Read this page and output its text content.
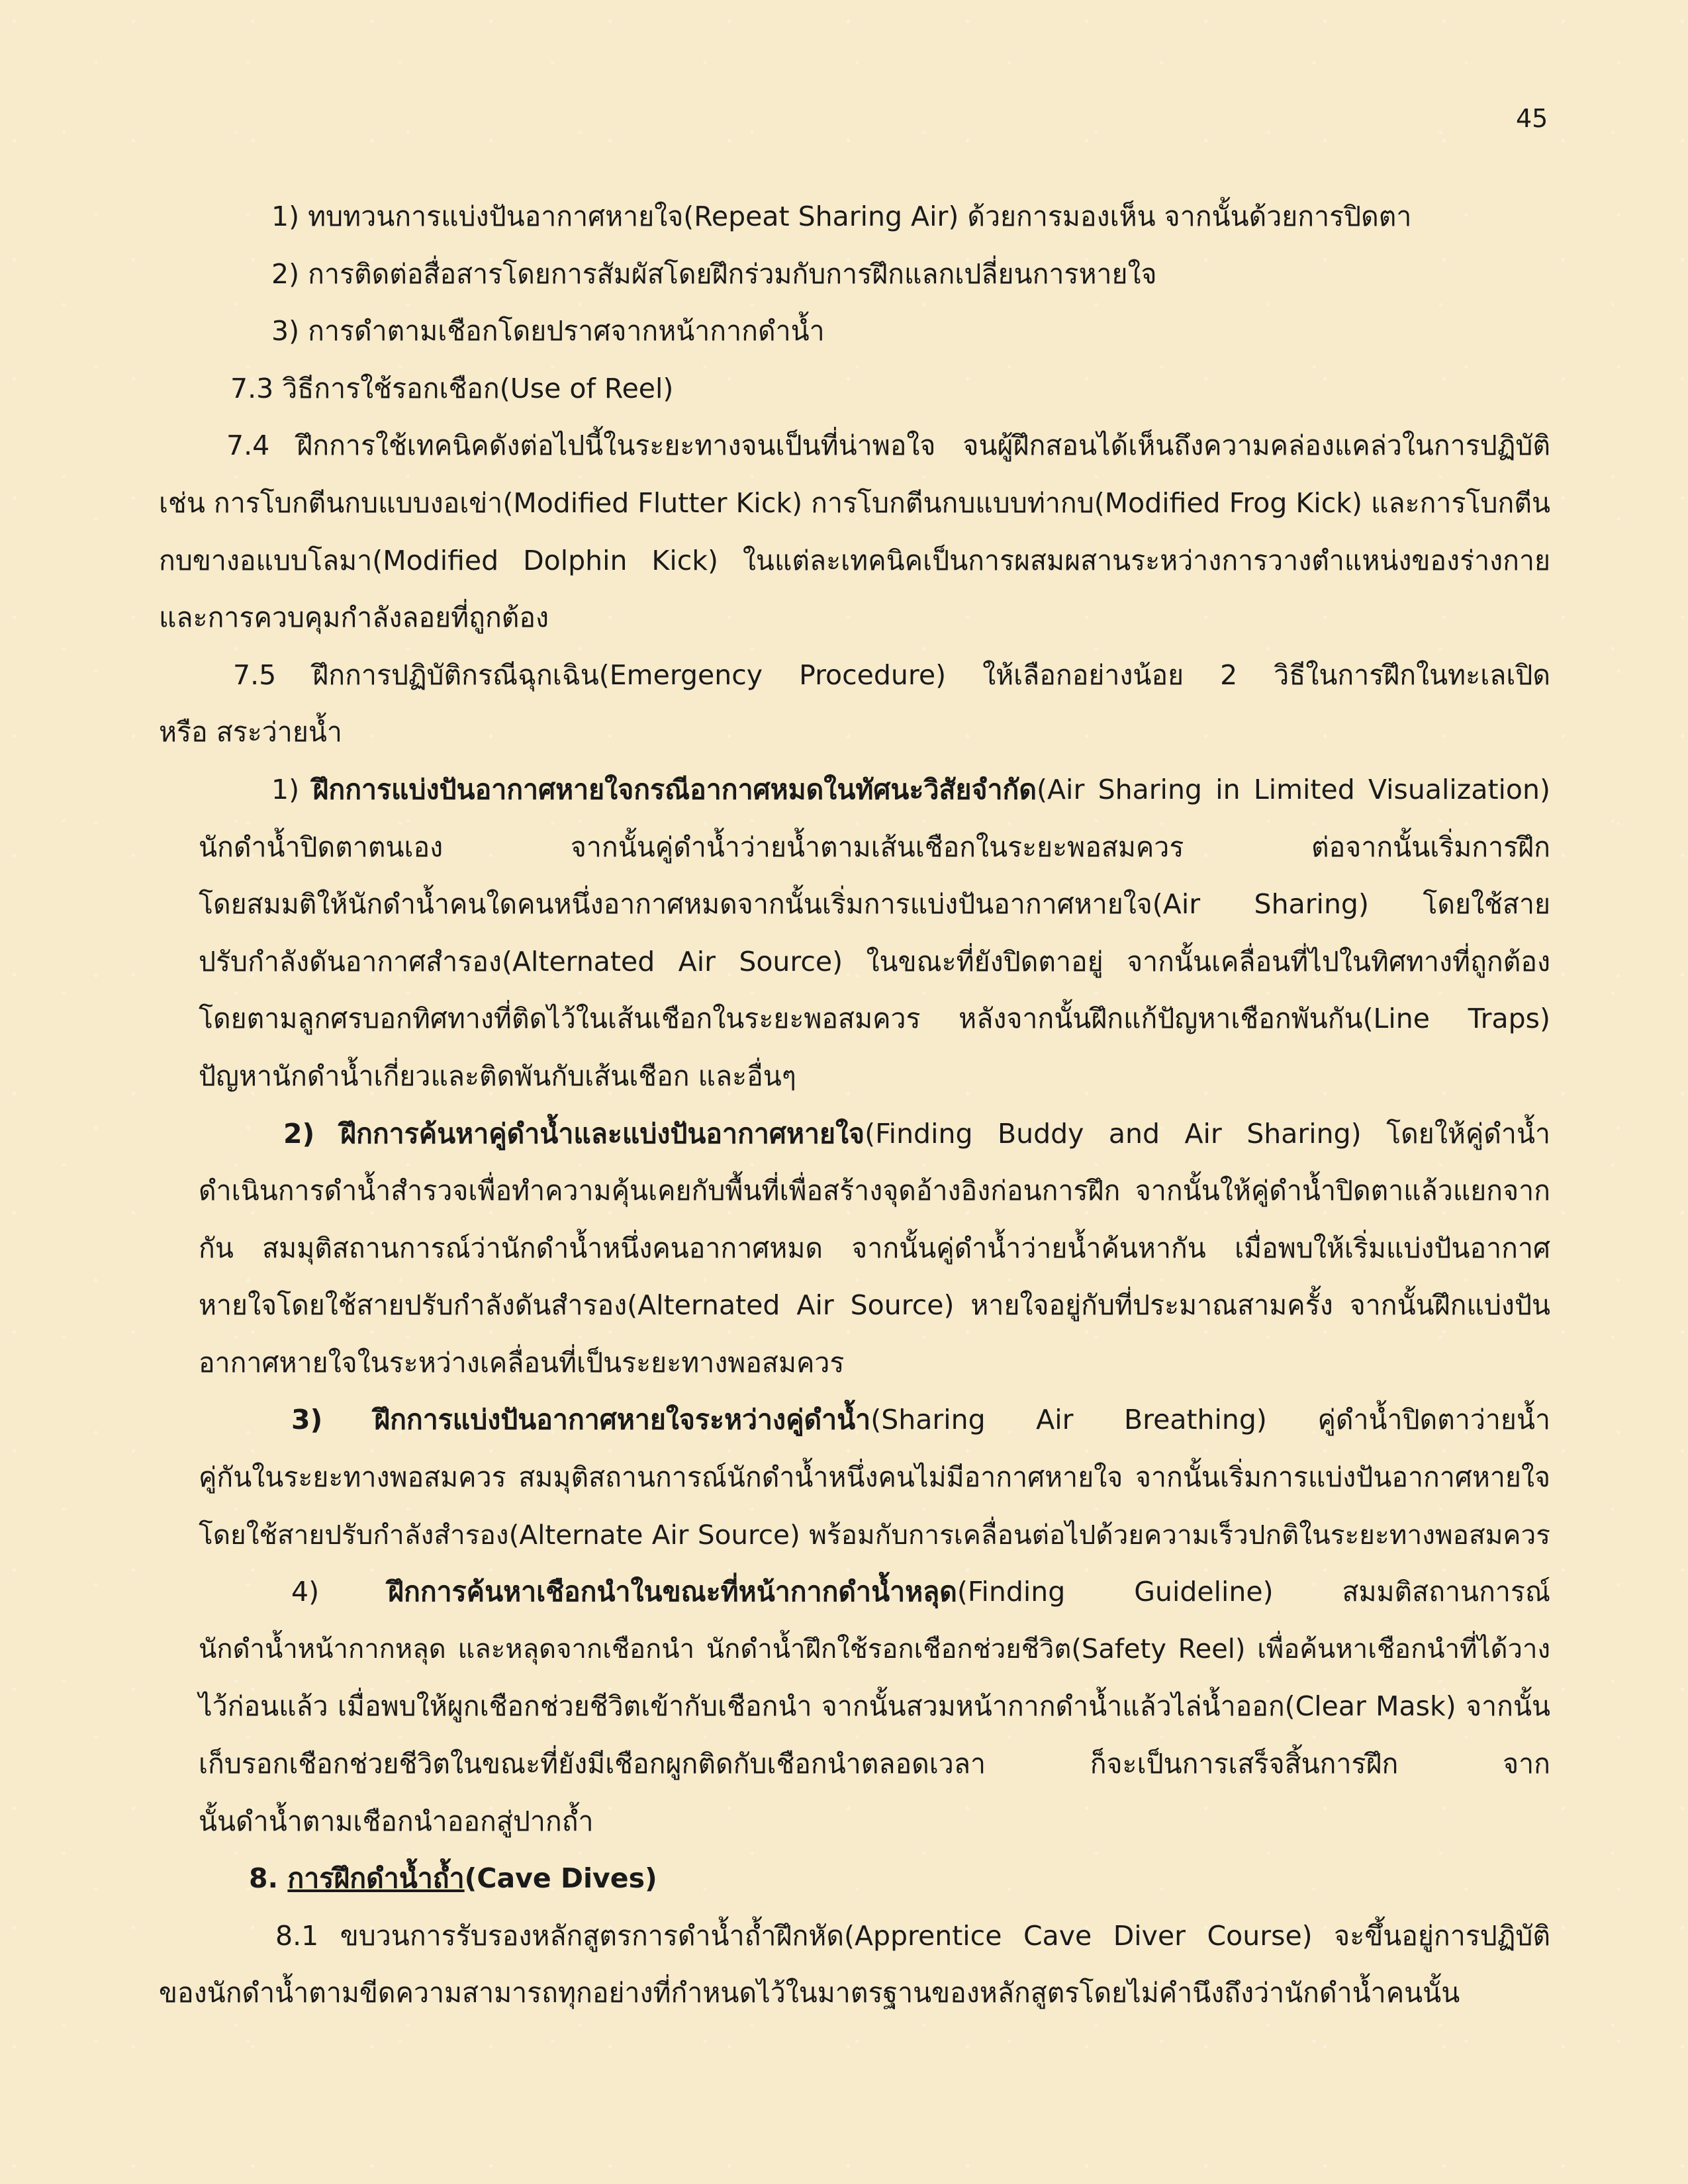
45
1) ทบทวนการแบ่งปันอากาศหายใจ(Repeat Sharing Air) ด้วยการมองเห็น จากนั้นด้วยการปิดตา
2) การติดต่อสื่อสารโดยการสัมผัสโดยฝึกร่วมกับการฝึกแลกเปลี่ยนการหายใจ
3) การดำตามเชือกโดยปราศจากหน้ากากดำน้ำ
7.3 วิธีการใช้รอกเชือก(Use of Reel)
7.4 ฝึกการใช้เทคนิคดังต่อไปนี้ในระยะทางจนเป็นที่น่าพอใจ จนผู้ฝึกสอนได้เห็นถึงความคล่องแคล่วในการปฏิบัติ
เช่น การโบกตีนกบแบบงอเข่า(Modified Flutter Kick) การโบกตีนกบแบบท่ากบ(Modified Frog Kick) และการโบกตีน
กบขางอแบบโลมา(Modified Dolphin Kick) ในแต่ละเทคนิคเป็นการผสมผสานระหว่างการวางตำแหน่งของร่างกาย
และการควบคุมกำลังลอยที่ถูกต้อง
7.5 ฝึกการปฏิบัติกรณีฉุกเฉิน(Emergency Procedure) ให้เลือกอย่างน้อย 2 วิธีในการฝึกในทะเลเปิด
หรือ สระว่ายน้ำ
1) ฝึกการแบ่งปันอากาศหายใจกรณีอากาศหมดในทัศนะวิสัยจำกัด(Air Sharing in Limited Visualization)
นักดำน้ำปิดตาตนเอง จากนั้นคู่ดำน้ำว่ายน้ำตามเส้นเชือกในระยะพอสมควร ต่อจากนั้นเริ่มการฝึก
โดยสมมติให้นักดำน้ำคนใดคนหนึ่งอากาศหมดจากนั้นเริ่มการแบ่งปันอากาศหายใจ(Air Sharing) โดยใช้สาย
ปรับกำลังดันอากาศสำรอง(Alternated Air Source) ในขณะที่ยังปิดตาอยู่ จากนั้นเคลื่อนที่ไปในทิศทางที่ถูกต้อง
โดยตามลูกศรบอกทิศทางที่ติดไว้ในเส้นเชือกในระยะพอสมควร หลังจากนั้นฝึกแก้ปัญหาเชือกพันกัน(Line Traps)
ปัญหานักดำน้ำเกี่ยวและติดพันกับเส้นเชือก และอื่นๆ
2) ฝึกการค้นหาคู่ดำน้ำและแบ่งปันอากาศหายใจ(Finding Buddy and Air Sharing) โดยให้คู่ดำน้ำ
ดำเนินการดำน้ำสำรวจเพื่อทำความคุ้นเคยกับพื้นที่เพื่อสร้างจุดอ้างอิงก่อนการฝึก จากนั้นให้คู่ดำน้ำปิดตาแล้วแยกจาก
กัน สมมุติสถานการณ์ว่านักดำน้ำหนึ่งคนอากาศหมด จากนั้นคู่ดำน้ำว่ายน้ำค้นหากัน เมื่อพบให้เริ่มแบ่งปันอากาศ
หายใจโดยใช้สายปรับกำลังดันสำรอง(Alternated Air Source) หายใจอยู่กับที่ประมาณสามครั้ง จากนั้นฝึกแบ่งปัน
อากาศหายใจในระหว่างเคลื่อนที่เป็นระยะทางพอสมควร
3) ฝึกการแบ่งปันอากาศหายใจระหว่างคู่ดำน้ำ(Sharing Air Breathing) คู่ดำน้ำปิดตาว่ายน้ำ
คู่กันในระยะทางพอสมควร สมมุติสถานการณ์นักดำน้ำหนึ่งคนไม่มีอากาศหายใจ จากนั้นเริ่มการแบ่งปันอากาศหายใจ
โดยใช้สายปรับกำลังสำรอง(Alternate Air Source) พร้อมกับการเคลื่อนต่อไปด้วยความเร็วปกติในระยะทางพอสมควร
4) ฝึกการค้นหาเชือกนำในขณะที่หน้ากากดำน้ำหลุด(Finding Guideline) สมมติสถานการณ์
นักดำน้ำหน้ากากหลุด และหลุดจากเชือกนำ นักดำน้ำฝึกใช้รอกเชือกช่วยชีวิต(Safety Reel) เพื่อค้นหาเชือกนำที่ได้วาง
ไว้ก่อนแล้ว เมื่อพบให้ผูกเชือกช่วยชีวิตเข้ากับเชือกนำ จากนั้นสวมหน้ากากดำน้ำแล้วไล่น้ำออก(Clear Mask) จากนั้น
เก็บรอกเชือกช่วยชีวิตในขณะที่ยังมีเชือกผูกติดกับเชือกนำตลอดเวลา ก็จะเป็นการเสร็จสิ้นการฝึก จาก
นั้นดำน้ำตามเชือกนำออกสู่ปากถ้ำ
8. การฝึกดำน้ำถ้ำ(Cave Dives)
8.1 ขบวนการรับรองหลักสูตรการดำน้ำถ้ำฝึกหัด(Apprentice Cave Diver Course) จะขึ้นอยู่การปฏิบัติ
ของนักดำน้ำตามขีดความสามารถทุกอย่างที่กำหนดไว้ในมาตรฐานของหลักสูตรโดยไม่คำนึงถึงว่านักดำน้ำคนนั้น
